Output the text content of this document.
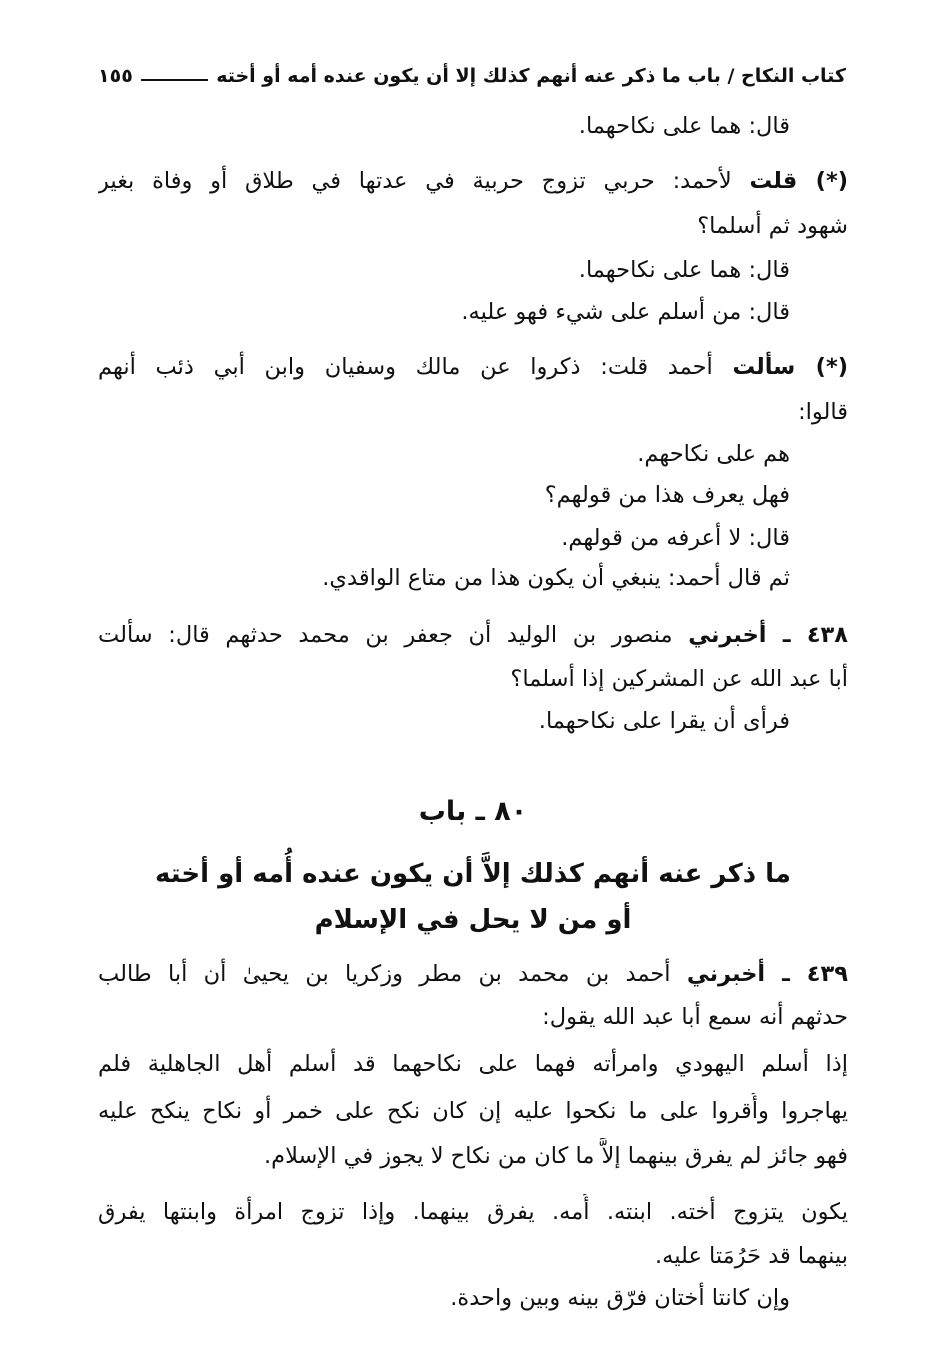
كتاب النكاح / باب ما ذكر عنه أنهم كذلك إلا أن يكون عنده أمه أو أخته
١٥٥
قال: هما على نكاحهما.
(*) قلت لأحمد: حربي تزوج حربية في عدتها في طلاق أو وفاة بغير
شهود ثم أسلما؟
قال: هما على نكاحهما.
قال: من أسلم على شيء فهو عليه.
(*) سألت أحمد قلت: ذكروا عن مالك وسفيان وابن أبي ذئب أنهم
قالوا:
هم على نكاحهم.
فهل يعرف هذا من قولهم؟
قال: لا أعرفه من قولهم.
ثم قال أحمد: ينبغي أن يكون هذا من متاع الواقدي.
٤٣٨ ـ أخبرني منصور بن الوليد أن جعفر بن محمد حدثهم قال: سألت
أبا عبد الله عن المشركين إذا أسلما؟
فرأى أن يقرا على نكاحهما.
٨٠ ـ باب
ما ذكر عنه أنهم كذلك إلاَّ أن يكون عنده أُمه أو أخته
أو من لا يحل في الإسلام
٤٣٩ ـ أخبرني أحمد بن محمد بن مطر وزكريا بن يحيىٰ أن أبا طالب
حدثهم أنه سمع أبا عبد الله يقول:
إذا أسلم اليهودي وامرأته فهما على نكاحهما قد أسلم أهل الجاهلية فلم
يهاجروا وأُقروا على ما نكحوا عليه إن كان نكح على خمر أو نكاح ينكح عليه
فهو جائز لم يفرق بينهما إلاَّ ما كان من نكاح لا يجوز في الإسلام.
يكون يتزوج أخته. ابنته. أُمه. يفرق بينهما. وإذا تزوج امرأة وابنتها يفرق
بينهما قد حَرُمَتا عليه.
وإن كانتا أختان فرّق بينه وبين واحدة.
